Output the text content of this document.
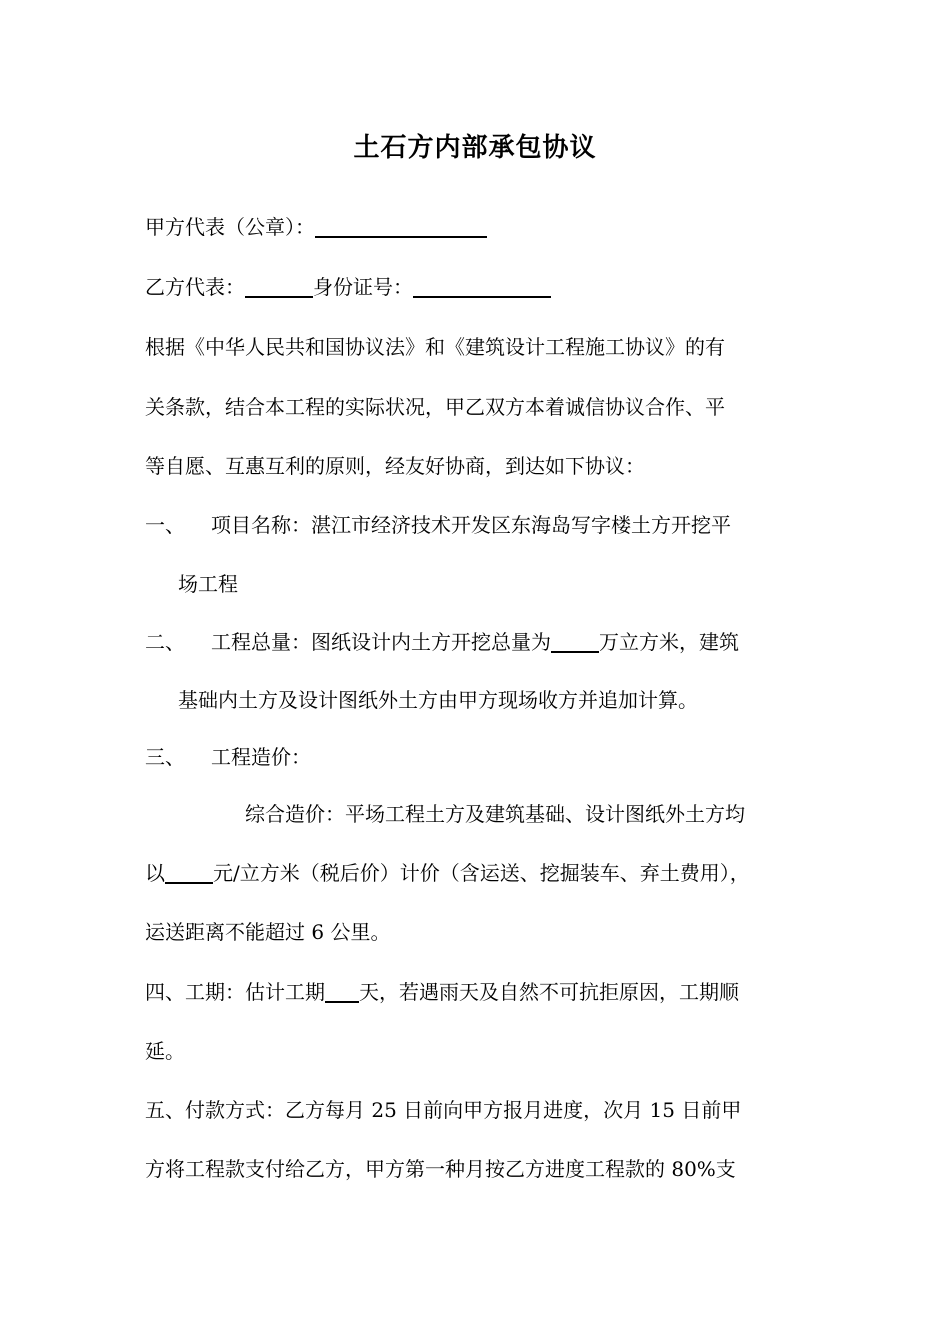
土石方内部承包协议
甲方代表（公章）：
乙方代表：	身份证号：
根据《中华人民共和国协议法》和《建筑设计工程施工协议》的有
关条款，结合本工程的实际状况，甲乙双方本着诚信协议合作、平
等自愿、互惠互利的原则，经友好协商，到达如下协议：
一、 项目名称：湛江市经济技术开发区东海岛写字楼土方开挖平
场工程
二、 工程总量：图纸设计内土方开挖总量为 万立方米，建筑
基础内土方及设计图纸外土方由甲方现场收方并追加计算。
三、 工程造价：
综合造价：平场工程土方及建筑基础、设计图纸外土方均
以 元/立方米（税后价）计价（含运送、挖掘装车、弃土费用），
运送距离不能超过 6 公里。
四、工期：估计工期 天，若遇雨天及自然不可抗拒原因，工期顺
延。
五、付款方式：乙方每月 25 日前向甲方报月进度，次月 15 日前甲
方将工程款支付给乙方，甲方第一种月按乙方进度工程款的 80%支
